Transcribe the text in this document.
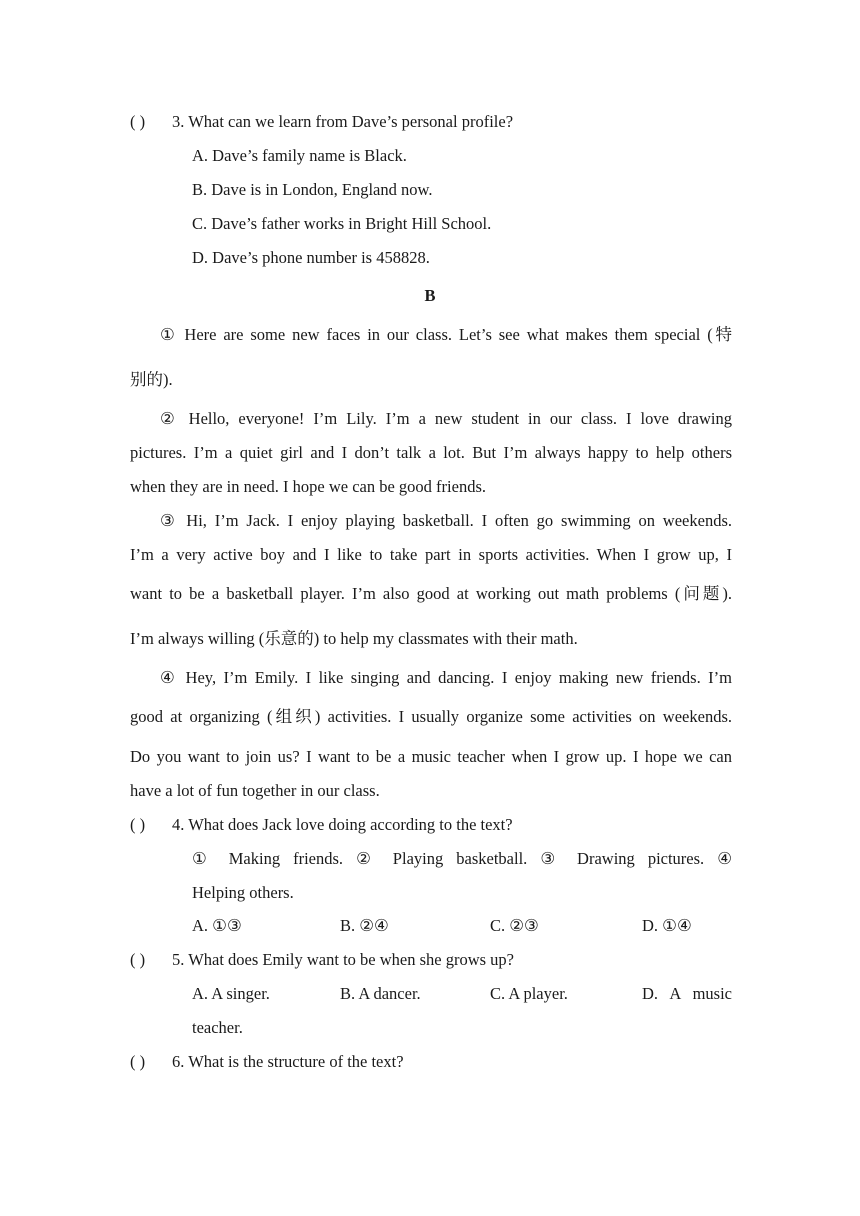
( ) 3. What can we learn from Dave’s personal profile?
A. Dave’s family name is Black.
B. Dave is in London, England now.
C. Dave’s father works in Bright Hill School.
D. Dave’s phone number is 458828.
B
① Here are some new faces in our class. Let’s see what makes them special (特
别的).
② Hello, everyone! I’m Lily. I’m a new student in our class. I love drawing
pictures. I’m a quiet girl and I don’t talk a lot. But I’m always happy to help others
when they are in need. I hope we can be good friends.
③ Hi, I’m Jack. I enjoy playing basketball. I often go swimming on weekends.
I’m a very active boy and I like to take part in sports activities. When I grow up, I
want to be a basketball player. I’m also good at working out math problems (问题).
I’m always willing (乐意的) to help my classmates with their math.
④ Hey, I’m Emily. I like singing and dancing. I enjoy making new friends. I’m
good at organizing (组织) activities. I usually organize some activities on weekends.
Do you want to join us? I want to be a music teacher when I grow up. I hope we can
have a lot of fun together in our class.
( ) 4. What does Jack love doing according to the text?
① Making friends. ② Playing basketball. ③ Drawing pictures. ④
Helping others.
A. ①③	B. ②④	C. ②③	D. ①④
( ) 5. What does Emily want to be when she grows up?
A. A singer.	B. A dancer.	C. A player.	D. A music
teacher.
( ) 6. What is the structure of the text?
